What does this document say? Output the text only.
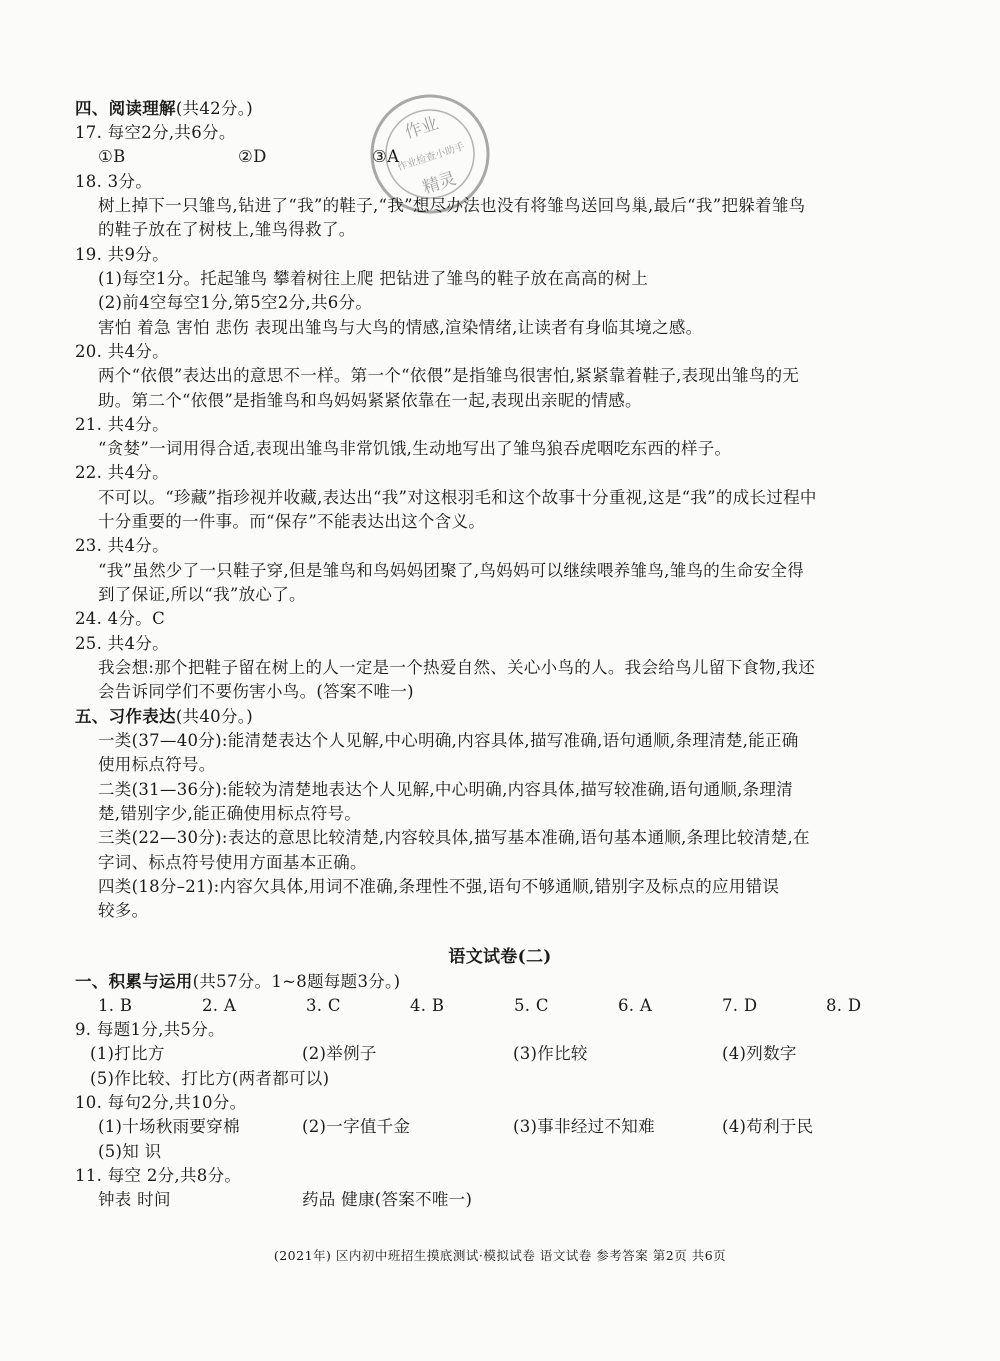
作业
作业检查小助手
精灵
四、阅读理解(共42分。)
17. 每空2分,共6分。
①B	②D	③A
18. 3分。
树上掉下一只雏鸟,钻进了“我”的鞋子,“我”想尽办法也没有将雏鸟送回鸟巢,最后“我”把躲着雏鸟
的鞋子放在了树枝上,雏鸟得救了。
19. 共9分。
(1)每空1分。托起雏鸟 攀着树往上爬 把钻进了雏鸟的鞋子放在高高的树上
(2)前4空每空1分,第5空2分,共6分。
害怕 着急 害怕 悲伤 表现出雏鸟与大鸟的情感,渲染情绪,让读者有身临其境之感。
20. 共4分。
两个“依偎”表达出的意思不一样。第一个“依偎”是指雏鸟很害怕,紧紧靠着鞋子,表现出雏鸟的无
助。第二个“依偎”是指雏鸟和鸟妈妈紧紧依靠在一起,表现出亲昵的情感。
21. 共4分。
“贪婪”一词用得合适,表现出雏鸟非常饥饿,生动地写出了雏鸟狼吞虎咽吃东西的样子。
22. 共4分。
不可以。“珍藏”指珍视并收藏,表达出“我”对这根羽毛和这个故事十分重视,这是“我”的成长过程中
十分重要的一件事。而“保存”不能表达出这个含义。
23. 共4分。
“我”虽然少了一只鞋子穿,但是雏鸟和鸟妈妈团聚了,鸟妈妈可以继续喂养雏鸟,雏鸟的生命安全得
到了保证,所以“我”放心了。
24. 4分。C
25. 共4分。
我会想:那个把鞋子留在树上的人一定是一个热爱自然、关心小鸟的人。我会给鸟儿留下食物,我还
会告诉同学们不要伤害小鸟。(答案不唯一)
五、习作表达(共40分。)
一类(37—40分):能清楚表达个人见解,中心明确,内容具体,描写准确,语句通顺,条理清楚,能正确
使用标点符号。
二类(31—36分):能较为清楚地表达个人见解,中心明确,内容具体,描写较准确,语句通顺,条理清
楚,错别字少,能正确使用标点符号。
三类(22—30分):表达的意思比较清楚,内容较具体,描写基本准确,语句基本通顺,条理比较清楚,在
字词、标点符号使用方面基本正确。
四类(18分–21):内容欠具体,用词不准确,条理性不强,语句不够通顺,错别字及标点的应用错误
较多。
语文试卷(二)
一、积累与运用(共57分。1~8题每题3分。)
1. B	2. A	3. C	4. B	5. C	6. A	7. D	8. D
9. 每题1分,共5分。
(1)打比方	(2)举例子	(3)作比较	(4)列数字
(5)作比较、打比方(两者都可以)
10. 每句2分,共10分。
(1)十场秋雨要穿棉	(2)一字值千金	(3)事非经过不知难	(4)苟利于民
(5)知 识
11. 每空 2分,共8分。
钟表 时间	药品 健康(答案不唯一)
(2021年) 区内初中班招生摸底测试·模拟试卷 语文试卷 参考答案 第2页 共6页
